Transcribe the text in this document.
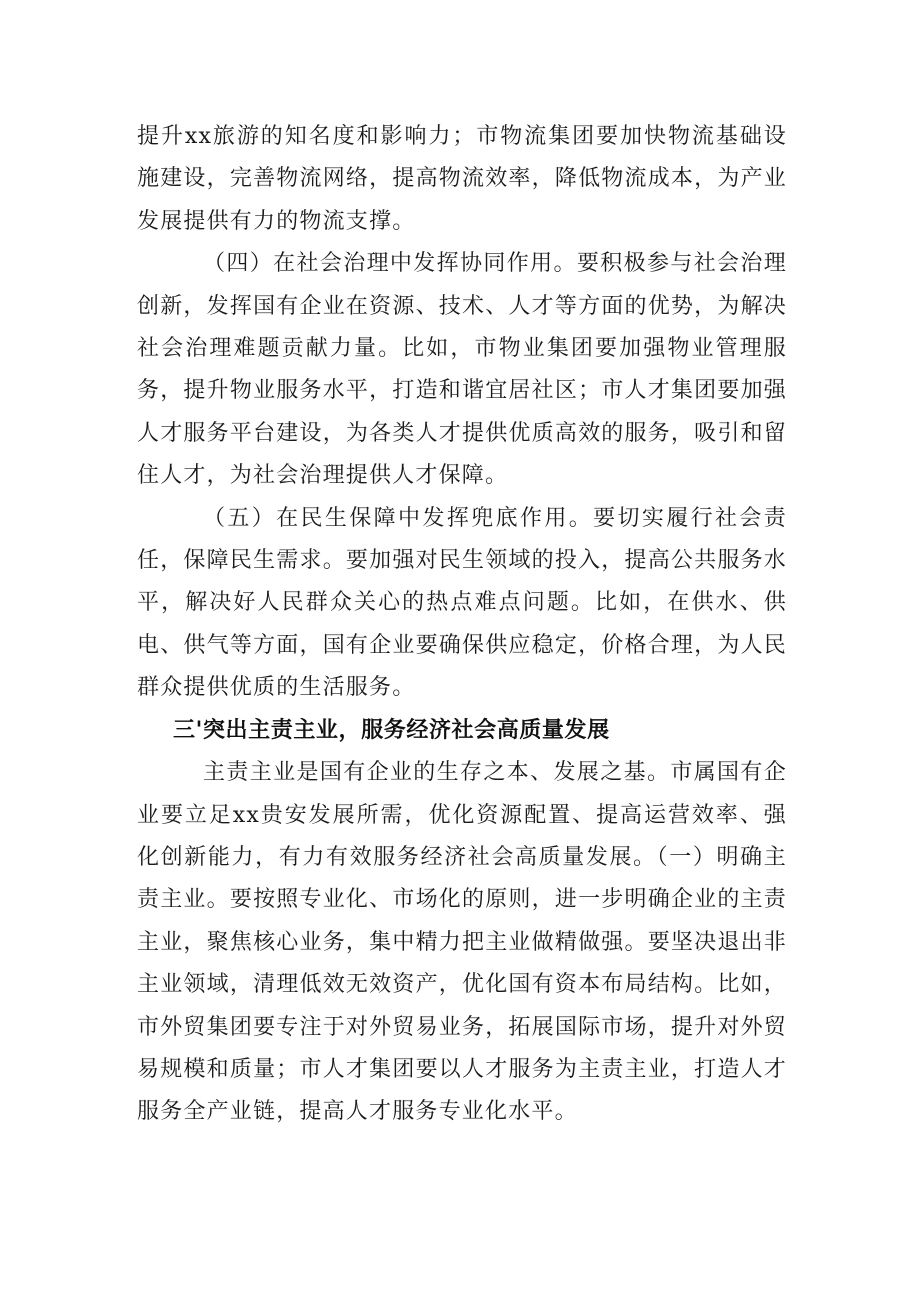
提升xx旅游的知名度和影响力；市物流集团要加快物流基础设施建设，完善物流网络，提高物流效率，降低物流成本，为产业发展提供有力的物流支撑。

（四）在社会治理中发挥协同作用。要积极参与社会治理创新，发挥国有企业在资源、技术、人才等方面的优势，为解决社会治理难题贡献力量。比如，市物业集团要加强物业管理服务，提升物业服务水平，打造和谐宜居社区；市人才集团要加强人才服务平台建设，为各类人才提供优质高效的服务，吸引和留住人才，为社会治理提供人才保障。

（五）在民生保障中发挥兜底作用。要切实履行社会责任，保障民生需求。要加强对民生领域的投入，提高公共服务水平，解决好人民群众关心的热点难点问题。比如，在供水、供电、供气等方面，国有企业要确保供应稳定，价格合理，为人民群众提供优质的生活服务。

三'突出主责主业，服务经济社会高质量发展

主责主业是国有企业的生存之本、发展之基。市属国有企业要立足xx贵安发展所需，优化资源配置、提高运营效率、强化创新能力，有力有效服务经济社会高质量发展。（一）明确主责主业。要按照专业化、市场化的原则，进一步明确企业的主责主业，聚焦核心业务，集中精力把主业做精做强。要坚决退出非主业领域，清理低效无效资产，优化国有资本布局结构。比如，市外贸集团要专注于对外贸易业务，拓展国际市场，提升对外贸易规模和质量；市人才集团要以人才服务为主责主业，打造人才服务全产业链，提高人才服务专业化水平。
